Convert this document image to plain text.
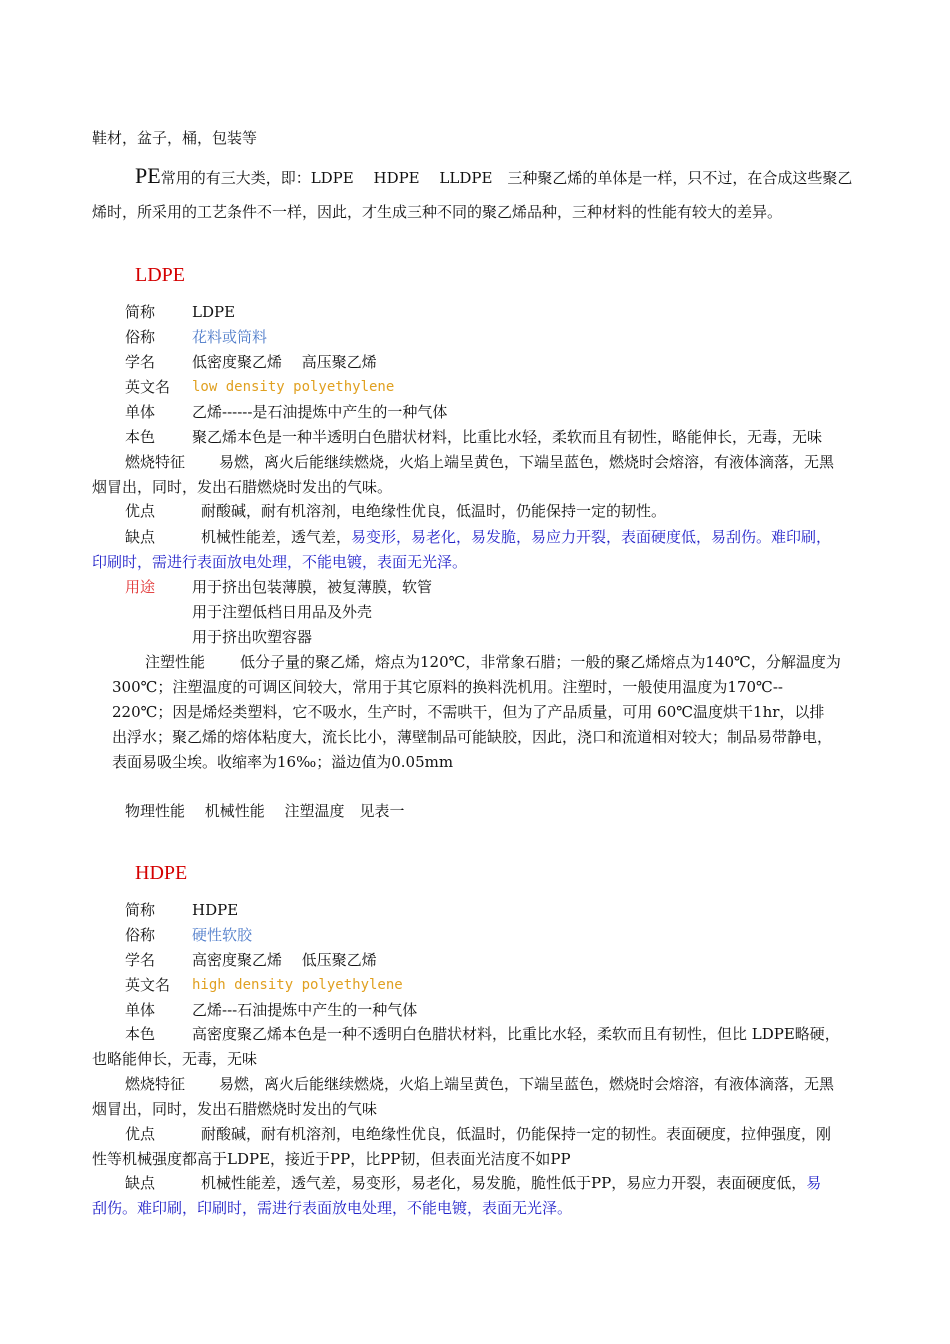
鞋材，盆子，桶，包装等
PE常用的有三大类，即：LDPE　 HDPE　 LLDPE　三种聚乙烯的单体是一样，只不过，在合成这些聚乙
烯时，所采用的工艺条件不一样，因此，才生成三种不同的聚乙烯品种，三种材料的性能有较大的差异。
LDPE
简称 LDPE
俗称 花料或筒料
学名 低密度聚乙烯　 高压聚乙烯
英文名 low density polyethylene
单体 乙烯------是石油提炼中产生的一种气体
本色 聚乙烯本色是一种半透明白色腊状材料，比重比水轻，柔软而且有韧性，略能伸长，无毒，无味
燃烧特征 易燃，离火后能继续燃烧，火焰上端呈黄色，下端呈蓝色，燃烧时会熔溶，有液体滴落，无黑
烟冒出，同时，发出石腊燃烧时发出的气味。
优点	耐酸碱，耐有机溶剂，电绝缘性优良，低温时，仍能保持一定的韧性。
缺点	机械性能差，透气差，易变形，易老化，易发脆，易应力开裂，表面硬度低，易刮伤。难印刷，
印刷时，需进行表面放电处理，不能电镀，表面无光泽。
用途 用于挤出包装薄膜，被复薄膜，软管
用于注塑低档日用品及外壳
用于挤出吹塑容器
注塑性能 低分子量的聚乙烯，熔点为120℃，非常象石腊；一般的聚乙烯熔点为140℃，分解温度为
300℃；注塑温度的可调区间较大，常用于其它原料的换料洗机用。注塑时，一般使用温度为170℃--
220℃；因是烯烃类塑料，它不吸水，生产时，不需哄干，但为了产品质量，可用 60℃温度烘干1hr，以排
出浮水；聚乙烯的熔体粘度大，流长比小，薄壁制品可能缺胶，因此，浇口和流道相对较大；制品易带静电，
表面易吸尘埃。收缩率为16‰；溢边值为0.05mm
物理性能　 机械性能　 注塑温度　见表一
HDPE
简称 HDPE
俗称 硬性软胶
学名 高密度聚乙烯　 低压聚乙烯
英文名 high density polyethylene
单体 乙烯---石油提炼中产生的一种气体
本色 高密度聚乙烯本色是一种不透明白色腊状材料，比重比水轻，柔软而且有韧性，但比 LDPE略硬，
也略能伸长，无毒，无味
燃烧特征 易燃，离火后能继续燃烧，火焰上端呈黄色，下端呈蓝色，燃烧时会熔溶，有液体滴落，无黑
烟冒出，同时，发出石腊燃烧时发出的气味
优点	耐酸碱，耐有机溶剂，电绝缘性优良，低温时，仍能保持一定的韧性。表面硬度，拉伸强度，刚
性等机械强度都高于LDPE，接近于PP，比PP韧，但表面光洁度不如PP
缺点	机械性能差，透气差，易变形，易老化，易发脆，脆性低于PP，易应力开裂，表面硬度低，易
刮伤。难印刷，印刷时，需进行表面放电处理，不能电镀，表面无光泽。
